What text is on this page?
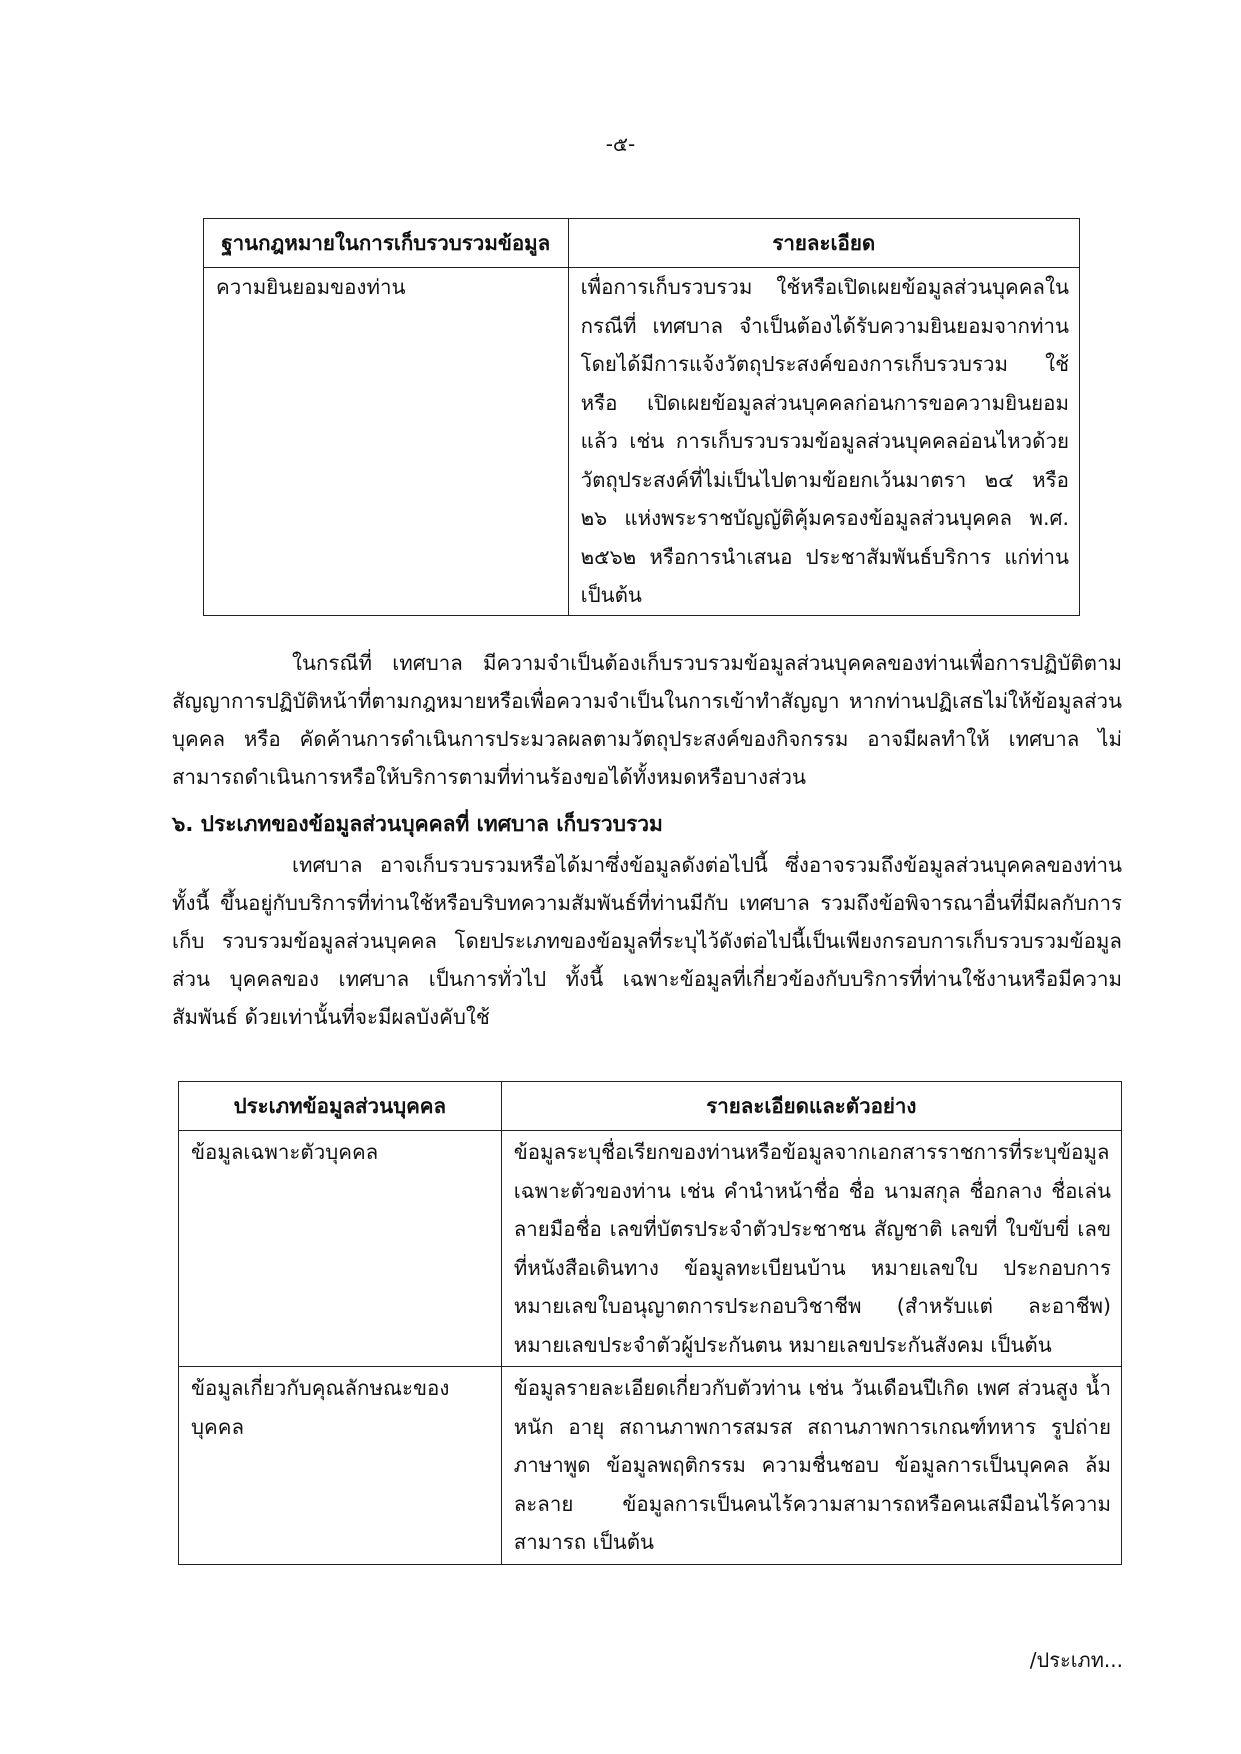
-๕-
ฐานกฎหมายในการเก็บรวบรวมข้อมูล	รายละเอียด
ความยินยอมของท่าน	เพื่อการเก็บรวบรวม ใช้หรือเปิดเผยข้อมูลส่วนบุคคลในกรณีที่ เทศบาล จำเป็นต้องได้รับความยินยอมจากท่าน โดยได้มีการแจ้งวัตถุประสงค์ของการเก็บรวบรวม ใช้หรือ เปิดเผยข้อมูลส่วนบุคคลก่อนการขอความยินยอมแล้ว เช่น การเก็บรวบรวมข้อมูลส่วนบุคคลอ่อนไหวด้วยวัตถุประสงค์ที่ไม่เป็นไปตามข้อยกเว้นมาตรา ๒๔ หรือ ๒๖ แห่งพระราชบัญญัติคุ้มครองข้อมูลส่วนบุคคล พ.ศ. ๒๕๖๒ หรือการนำเสนอ ประชาสัมพันธ์บริการ แก่ท่านเป็นต้น
ในกรณีที่ เทศบาล มีความจำเป็นต้องเก็บรวบรวมข้อมูลส่วนบุคคลของท่านเพื่อการปฏิบัติตามสัญญาการปฏิบัติหน้าที่ตามกฎหมายหรือเพื่อความจำเป็นในการเข้าทำสัญญา หากท่านปฏิเสธไม่ให้ข้อมูลส่วนบุคคล หรือ คัดค้านการดำเนินการประมวลผลตามวัตถุประสงค์ของกิจกรรม อาจมีผลทำให้ เทศบาล ไม่สามารถดำเนินการหรือให้บริการตามที่ท่านร้องขอได้ทั้งหมดหรือบางส่วน
๖. ประเภทของข้อมูลส่วนบุคคลที่ เทศบาล เก็บรวบรวม
เทศบาล อาจเก็บรวบรวมหรือได้มาซึ่งข้อมูลดังต่อไปนี้ ซึ่งอาจรวมถึงข้อมูลส่วนบุคคลของท่าน ทั้งนี้ ขึ้นอยู่กับบริการที่ท่านใช้หรือบริบทความสัมพันธ์ที่ท่านมีกับ เทศบาล รวมถึงข้อพิจารณาอื่นที่มีผลกับการเก็บ รวบรวมข้อมูลส่วนบุคคล โดยประเภทของข้อมูลที่ระบุไว้ดังต่อไปนี้เป็นเพียงกรอบการเก็บรวบรวมข้อมูลส่วน บุคคลของ เทศบาล เป็นการทั่วไป ทั้งนี้ เฉพาะข้อมูลที่เกี่ยวข้องกับบริการที่ท่านใช้งานหรือมีความสัมพันธ์ ด้วยเท่านั้นที่จะมีผลบังคับใช้
ประเภทข้อมูลส่วนบุคคล	รายละเอียดและตัวอย่าง
ข้อมูลเฉพาะตัวบุคคล	ข้อมูลระบุชื่อเรียกของท่านหรือข้อมูลจากเอกสารราชการที่ระบุข้อมูลเฉพาะตัวของท่าน เช่น คำนำหน้าชื่อ ชื่อ นามสกุล ชื่อกลาง ชื่อเล่น ลายมือชื่อ เลขที่บัตรประจำตัวประชาชน สัญชาติ เลขที่ ใบขับขี่ เลขที่หนังสือเดินทาง ข้อมูลทะเบียนบ้าน หมายเลขใบ ประกอบการ หมายเลขใบอนุญาตการประกอบวิชาชีพ (สำหรับแต่ ละอาชีพ) หมายเลขประจำตัวผู้ประกันตน หมายเลขประกันสังคม เป็นต้น
ข้อมูลเกี่ยวกับคุณลักษณะของบุคคล	ข้อมูลรายละเอียดเกี่ยวกับตัวท่าน เช่น วันเดือนปีเกิด เพศ ส่วนสูง น้ำหนัก อายุ สถานภาพการสมรส สถานภาพการเกณฑ์ทหาร รูปถ่าย ภาษาพูด ข้อมูลพฤติกรรม ความชื่นชอบ ข้อมูลการเป็นบุคคล ล้มละลาย ข้อมูลการเป็นคนไร้ความสามารถหรือคนเสมือนไร้ความสามารถ เป็นต้น
/ประเภท...
